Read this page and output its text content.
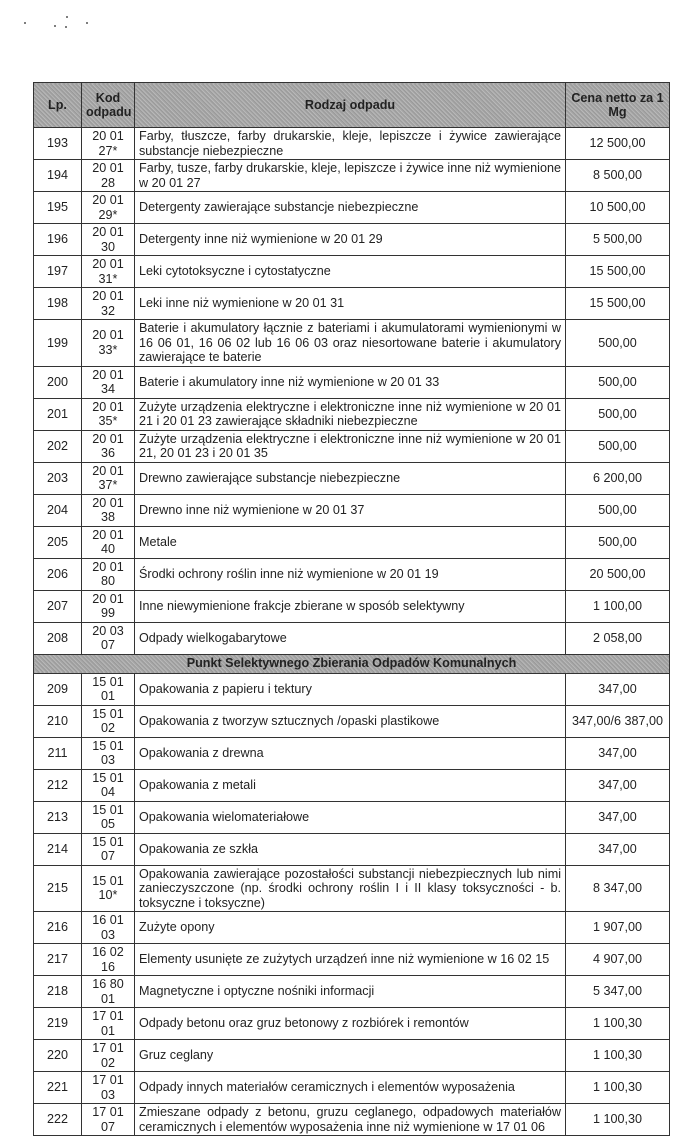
Lp.	Kod odpadu	Rodzaj odpadu	Cena netto za 1 Mg
193	20 01 27*	Farby, tłuszcze, farby drukarskie, kleje, lepiszcze i żywice zawierające substancje niebezpieczne	12 500,00
194	20 01 28	Farby, tusze, farby drukarskie, kleje, lepiszcze i żywice inne niż wymienione w 20 01 27	8 500,00
195	20 01 29*	Detergenty zawierające substancje niebezpieczne	10 500,00
196	20 01 30	Detergenty inne niż wymienione w 20 01 29	5 500,00
197	20 01 31*	Leki cytotoksyczne i cytostatyczne	15 500,00
198	20 01 32	Leki inne niż wymienione w 20 01 31	15 500,00
199	20 01 33*	Baterie i akumulatory łącznie z bateriami i akumulatorami wymienionymi w 16 06 01, 16 06 02 lub 16 06 03 oraz niesortowane baterie i akumulatory zawierające te baterie	500,00
200	20 01 34	Baterie i akumulatory inne niż wymienione w 20 01 33	500,00
201	20 01 35*	Zużyte urządzenia elektryczne i elektroniczne inne niż wymienione w 20 01 21 i 20 01 23 zawierające składniki niebezpieczne	500,00
202	20 01 36	Zużyte urządzenia elektryczne i elektroniczne inne niż wymienione w 20 01 21, 20 01 23 i 20 01 35	500,00
203	20 01 37*	Drewno zawierające substancje niebezpieczne	6 200,00
204	20 01 38	Drewno inne niż wymienione w 20 01 37	500,00
205	20 01 40	Metale	500,00
206	20 01 80	Środki ochrony roślin inne niż wymienione w 20 01 19	20 500,00
207	20 01 99	Inne niewymienione frakcje zbierane w sposób selektywny	1 100,00
208	20 03 07	Odpady wielkogabarytowe	2 058,00
Punkt Selektywnego Zbierania Odpadów Komunalnych			
209	15 01 01	Opakowania z papieru i tektury	347,00
210	15 01 02	Opakowania z tworzyw sztucznych /opaski plastikowe	347,00/6 387,00
211	15 01 03	Opakowania z drewna	347,00
212	15 01 04	Opakowania z metali	347,00
213	15 01 05	Opakowania wielomateriałowe	347,00
214	15 01 07	Opakowania ze szkła	347,00
215	15 01 10*	Opakowania zawierające pozostałości substancji niebezpiecznych lub nimi zanieczyszczone (np. środki ochrony roślin I i II klasy toksyczności - b. toksyczne i toksyczne)	8 347,00
216	16 01 03	Zużyte opony	1 907,00
217	16 02 16	Elementy usunięte ze zużytych urządzeń inne niż wymienione w 16 02 15	4 907,00
218	16 80 01	Magnetyczne i optyczne nośniki informacji	5 347,00
219	17 01 01	Odpady betonu oraz gruz betonowy z rozbiórek i remontów	1 100,30
220	17 01 02	Gruz ceglany	1 100,30
221	17 01 03	Odpady innych materiałów ceramicznych i elementów wyposażenia	1 100,30
222	17 01 07	Zmieszane odpady z betonu, gruzu ceglanego, odpadowych materiałów ceramicznych i elementów wyposażenia inne niż wymienione w 17 01 06	1 100,30
